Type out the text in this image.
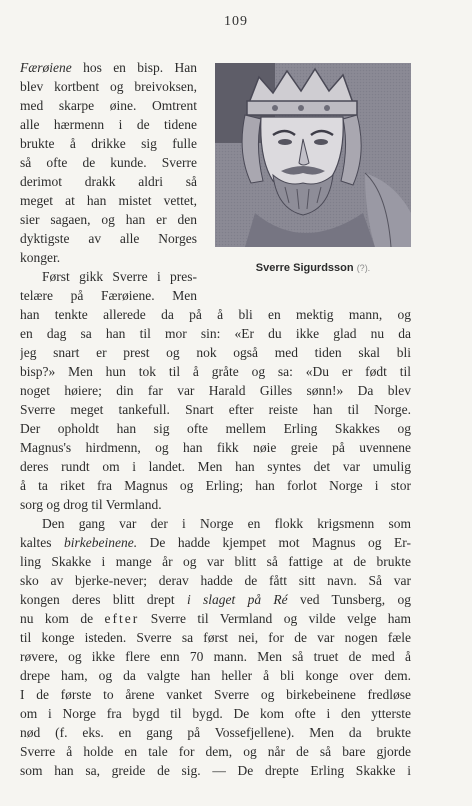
109
Sverre Sigurdsson (?).
Færøiene hos en bisp. Han
blev kortbent og breivoksen,
med skarpe øine. Omtrent
alle hærmenn i de tidene
brukte å drikke sig fulle
så ofte de kunde. Sverre
derimot drakk aldri så
meget at han mistet vettet,
sier sagaen, og han er den
dyktigste av alle Norges
konger.
Først gikk Sverre i pres-
telære på Færøiene. Men
han tenkte allerede da på å bli en mektig mann, og
en dag sa han til mor sin: «Er du ikke glad nu da
jeg snart er prest og nok også med tiden skal bli
bisp?» Men hun tok til å gråte og sa: «Du er født til
noget høiere; din far var Harald Gilles sønn!» Da blev
Sverre meget tankefull. Snart efter reiste han til Norge.
Der opholdt han sig ofte mellem Erling Skakkes og
Magnus's hirdmenn, og han fikk nøie greie på uvennene
deres rundt om i landet. Men han syntes det var umulig
å ta riket fra Magnus og Erling; han forlot Norge i stor
sorg og drog til Vermland.
Den gang var der i Norge en flokk krigsmenn som
kaltes birkebeinene. De hadde kjempet mot Magnus og Er-
ling Skakke i mange år og var blitt så fattige at de brukte
sko av bjerke-never; derav hadde de fått sitt navn. Så var
kongen deres blitt drept i slaget på Ré ved Tunsberg, og
nu kom de efter Sverre til Vermland og vilde velge ham
til konge isteden. Sverre sa først nei, for de var nogen fæle
røvere, og ikke flere enn 70 mann. Men så truet de med å
drepe ham, og da valgte han heller å bli konge over dem.
I de første to årene vanket Sverre og birkebeinene fredløse
om i Norge fra bygd til bygd. De kom ofte i den ytterste
nød (f. eks. en gang på Vossefjellene). Men da brukte
Sverre å holde en tale for dem, og når de så bare gjorde
som han sa, greide de sig. — De drepte Erling Skakke i
